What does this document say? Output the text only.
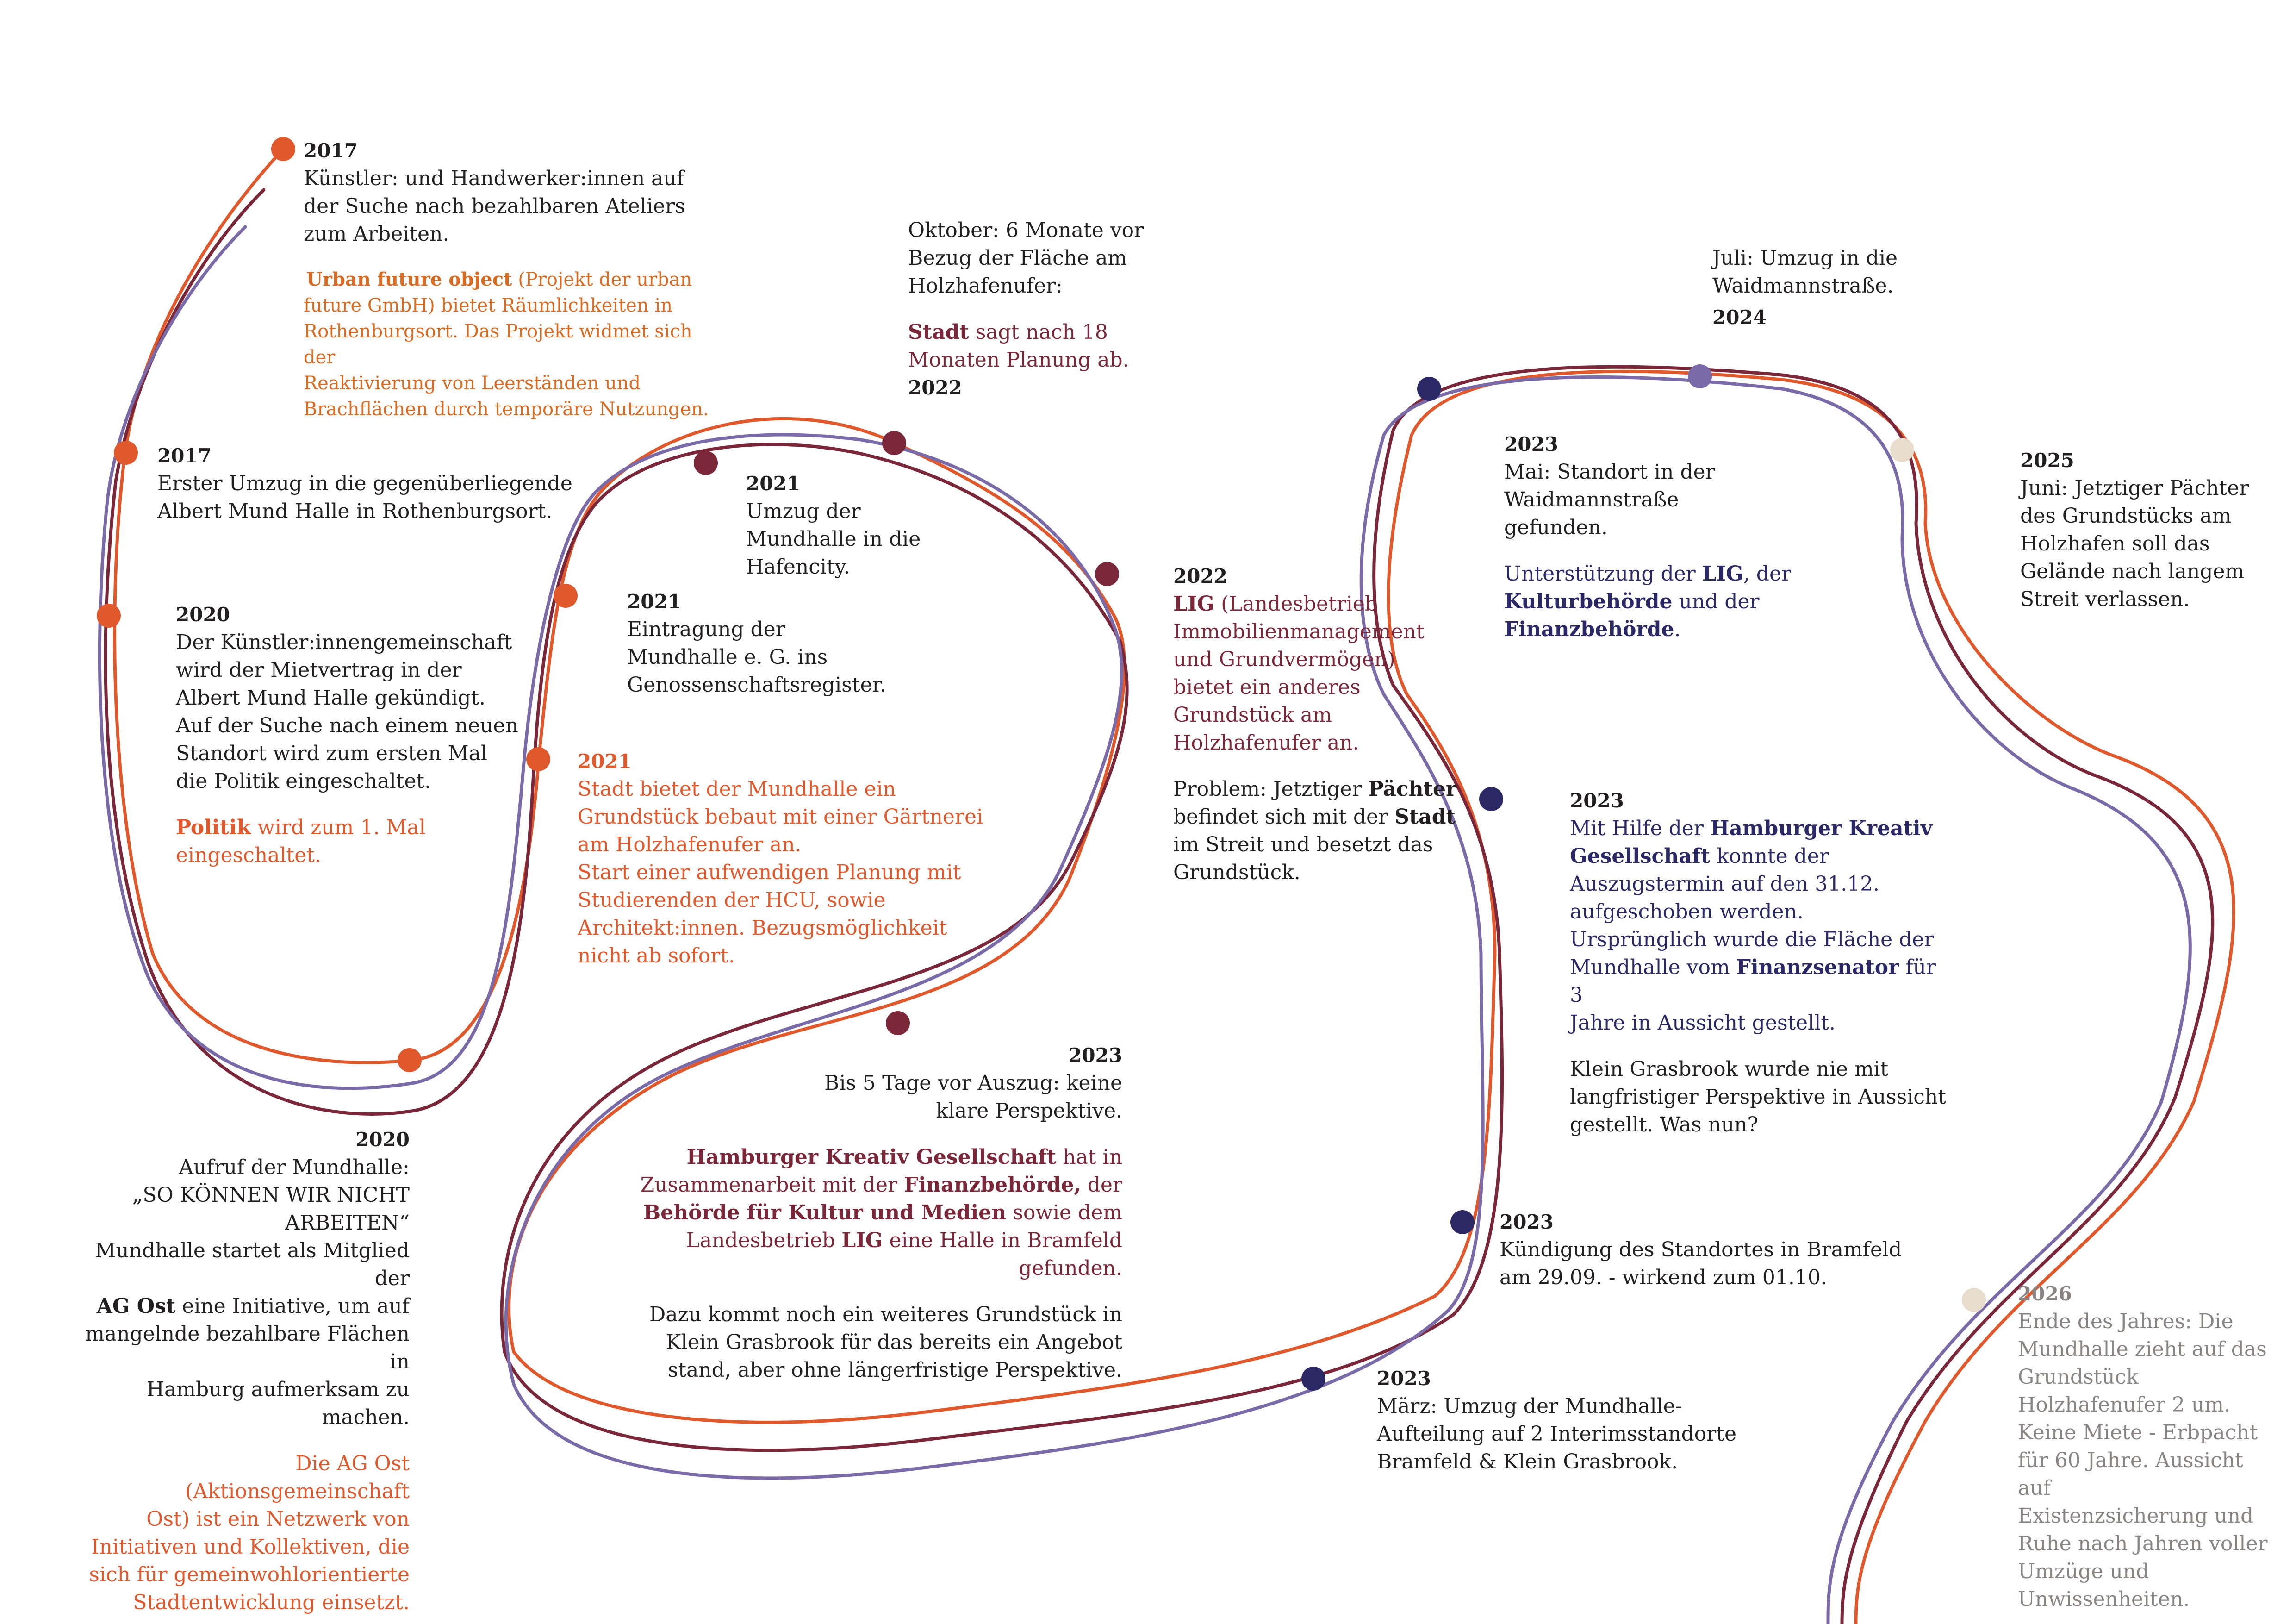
2017

Künstler: und Handwerker:innen auf

der Suche nach bezahlbaren Ateliers

zum Arbeiten.

Urban future object (Projekt der urban

future GmbH) bietet Räumlichkeiten in

Rothenburgsort. Das Projekt widmet sich der

Reaktivierung von Leerständen und

Brachflächen durch temporäre Nutzungen.

2017

Erster Umzug in die gegenüberliegende

Albert Mund Halle in Rothenburgsort.

2020

Der Künstler:innengemeinschaft

wird der Mietvertrag in der

Albert Mund Halle gekündigt.

Auf der Suche nach einem neuen

Standort wird zum ersten Mal

die Politik eingeschaltet.

Politik wird zum 1. Mal

eingeschaltet.

2020

Aufruf der Mundhalle:

„SO KÖNNEN WIR NICHT

ARBEITEN“

Mundhalle startet als Mitglied der

AG Ost eine Initiative, um auf

mangelnde bezahlbare Flächen in

Hamburg aufmerksam zu machen.

Die AG Ost (Aktionsgemeinschaft

Ost) ist ein Netzwerk von

Initiativen und Kollektiven, die

sich für gemeinwohlorientierte

Stadtentwicklung einsetzt.

2021

Umzug der

Mundhalle in die

Hafencity.

2021

Eintragung der

Mundhalle e. G. ins

Genossenschaftsregister.

2021

Stadt bietet der Mundhalle ein

Grundstück bebaut mit einer Gärtnerei

am Holzhafenufer an.

Start einer aufwendigen Planung mit

Studierenden der HCU, sowie

Architekt:innen. Bezugsmöglichkeit

nicht ab sofort.

Oktober: 6 Monate vor

Bezug der Fläche am

Holzhafenufer:

Stadt sagt nach 18

Monaten Planung ab.

2022

2022

LIG (Landesbetrieb

Immobilienmanagement

und Grundvermögen)

bietet ein anderes

Grundstück am

Holzhafenufer an.

Problem: Jetztiger Pächter

befindet sich mit der Stadt

im Streit und besetzt das

Grundstück.

2023

Bis 5 Tage vor Auszug: keine

klare Perspektive.

Hamburger Kreativ Gesellschaft hat in

Zusammenarbeit mit der Finanzbehörde, der

Behörde für Kultur und Medien sowie dem

Landesbetrieb LIG eine Halle in Bramfeld

gefunden.

Dazu kommt noch ein weiteres Grundstück in

Klein Grasbrook für das bereits ein Angebot

stand, aber ohne längerfristige Perspektive.

2023

Mai: Standort in der

Waidmannstraße

gefunden.

Unterstützung der LIG, der

Kulturbehörde und der

Finanzbehörde.

2023

Mit Hilfe der Hamburger Kreativ

Gesellschaft konnte der

Auszugstermin auf den 31.12.

aufgeschoben werden.

Ursprünglich wurde die Fläche der

Mundhalle vom Finanzsenator für 3

Jahre in Aussicht gestellt.

Klein Grasbrook wurde nie mit

langfristiger Perspektive in Aussicht

gestellt. Was nun?

2023

Kündigung des Standortes in Bramfeld

am 29.09. - wirkend zum 01.10.

2023

März: Umzug der Mundhalle-

Aufteilung auf 2 Interimsstandorte

Bramfeld & Klein Grasbrook.

Juli: Umzug in die

Waidmannstraße.

2024

2025

Juni: Jetztiger Pächter

des Grundstücks am

Holzhafen soll das

Gelände nach langem

Streit verlassen.

2026

Ende des Jahres: Die

Mundhalle zieht auf das

Grundstück

Holzhafenufer 2 um.

Keine Miete - Erbpacht

für 60 Jahre. Aussicht auf

Existenzsicherung und

Ruhe nach Jahren voller

Umzüge und

Unwissenheiten.
